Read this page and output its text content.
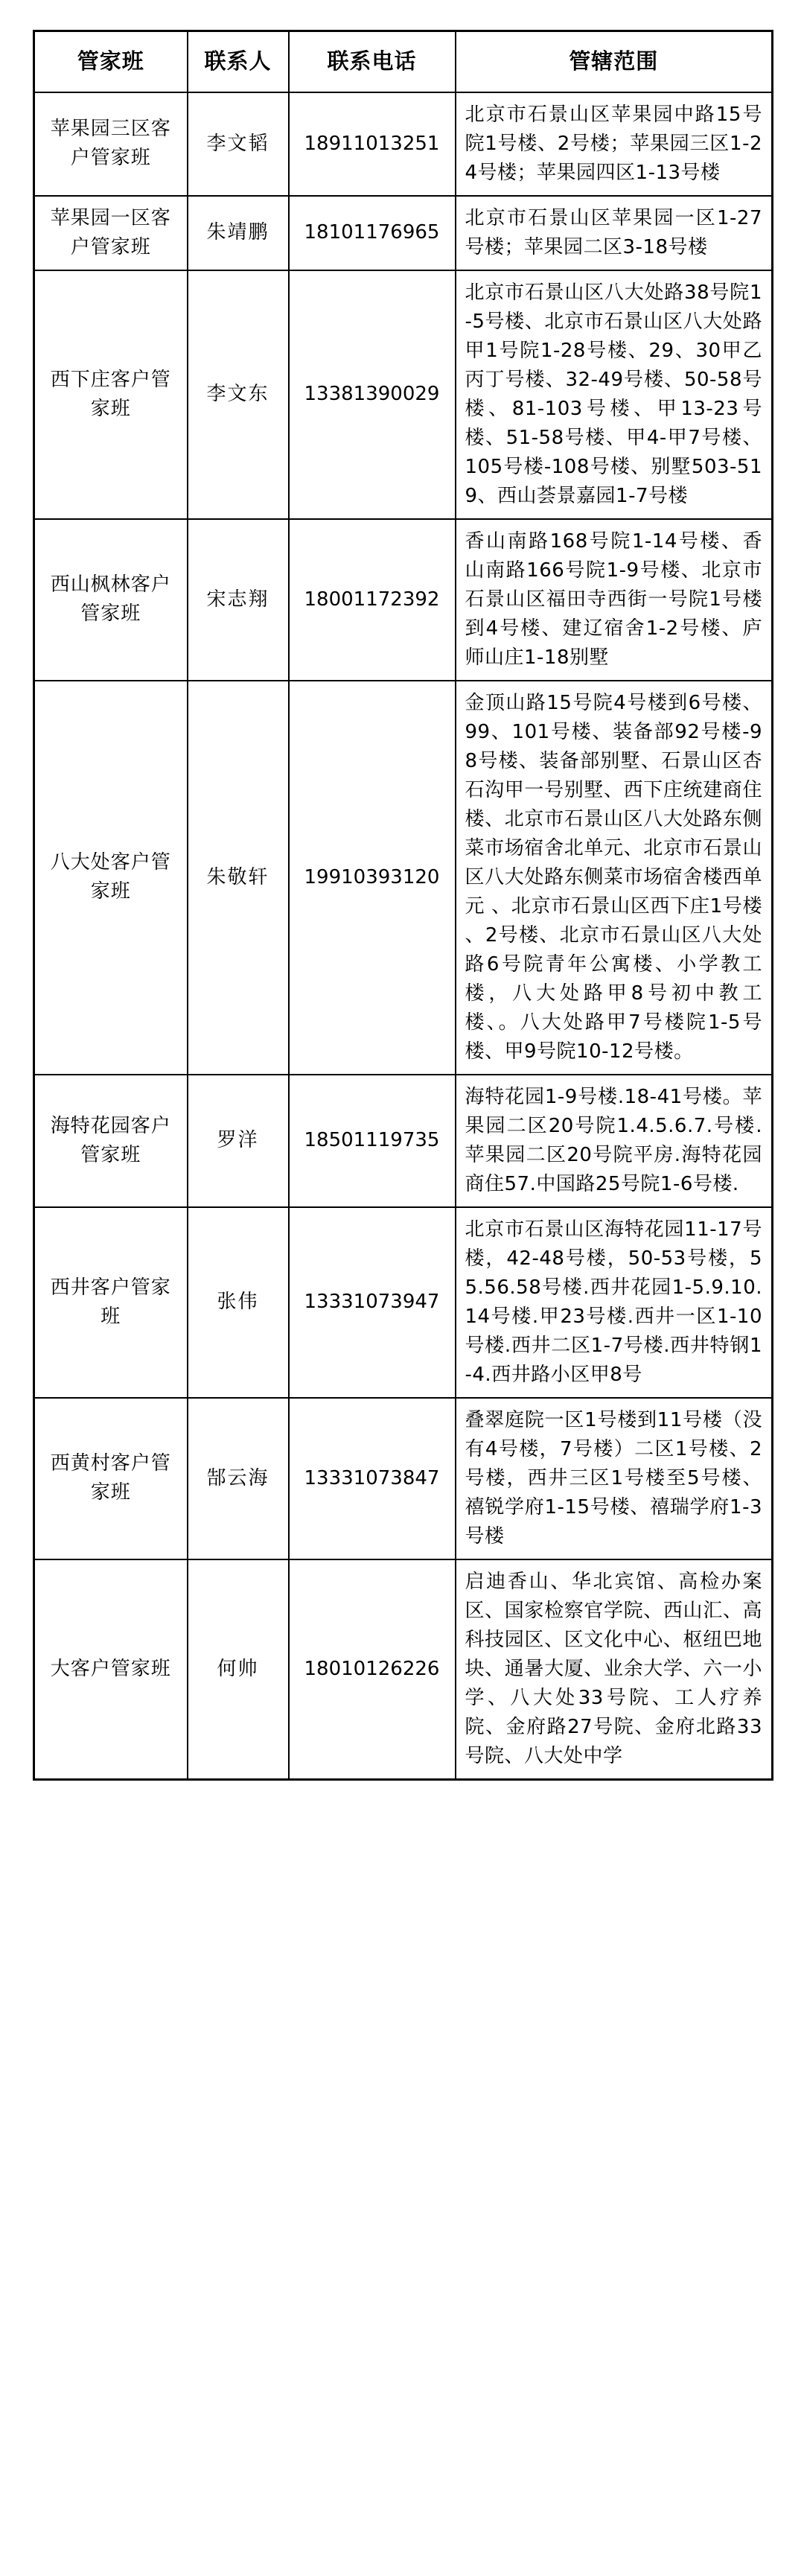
管家班	联系人	联系电话	管辖范围
苹果园三区客户管家班	李文韬	18911013251	北京市石景山区苹果园中路15号院1号楼、2号楼；苹果园三区1-24号楼；苹果园四区1-13号楼
苹果园一区客户管家班	朱靖鹏	18101176965	北京市石景山区苹果园一区1-27号楼；苹果园二区3-18号楼
西下庄客户管家班	李文东	13381390029	北京市石景山区八大处路38号院1-5号楼、北京市石景山区八大处路甲1号院1-28号楼、29、30甲乙丙丁号楼、32-49号楼、50-58号楼、81-103号楼、甲13-23号楼、51-58号楼、甲4-甲7号楼、105号楼-108号楼、别墅503-519、西山荟景嘉园1-7号楼
西山枫林客户管家班	宋志翔	18001172392	香山南路168号院1-14号楼、香山南路166号院1-9号楼、北京市石景山区福田寺西街一号院1号楼到4号楼、建辽宿舍1-2号楼、庐师山庄1-18别墅
八大处客户管家班	朱敬轩	19910393120	金顶山路15号院4号楼到6号楼、99、101号楼、装备部92号楼-98号楼、装备部别墅、石景山区杏石沟甲一号别墅、西下庄统建商住楼、北京市石景山区八大处路东侧菜市场宿舍北单元、北京市石景山区八大处路东侧菜市场宿舍楼西单元 、北京市石景山区西下庄1号楼 、2号楼、北京市石景山区八大处路6号院青年公寓楼、小学教工楼，八大处路甲8号初中教工楼、。八大处路甲7号楼院1-5号楼、甲9号院10-12号楼。
海特花园客户管家班	罗洋	18501119735	海特花园1-9号楼.18-41号楼。苹果园二区20号院1.4.5.6.7.号楼.苹果园二区20号院平房.海特花园商住57.中国路25号院1-6号楼.
西井客户管家班	张伟	13331073947	北京市石景山区海特花园11-17号楼，42-48号楼，50-53号楼，55.56.58号楼.西井花园1-5.9.10.14号楼.甲23号楼.西井一区1-10号楼.西井二区1-7号楼.西井特钢1-4.西井路小区甲8号
西黄村客户管家班	郜云海	13331073847	叠翠庭院一区1号楼到11号楼（没有4号楼，7号楼）二区1号楼、2号楼，西井三区1号楼至5号楼、禧锐学府1-15号楼、禧瑞学府1-3号楼
大客户管家班	何帅	18010126226	启迪香山、华北宾馆、高检办案区、国家检察官学院、西山汇、高科技园区、区文化中心、枢纽巴地块、通暑大厦、业余大学、六一小学、八大处33号院、工人疗养院、金府路27号院、金府北路33号院、八大处中学
